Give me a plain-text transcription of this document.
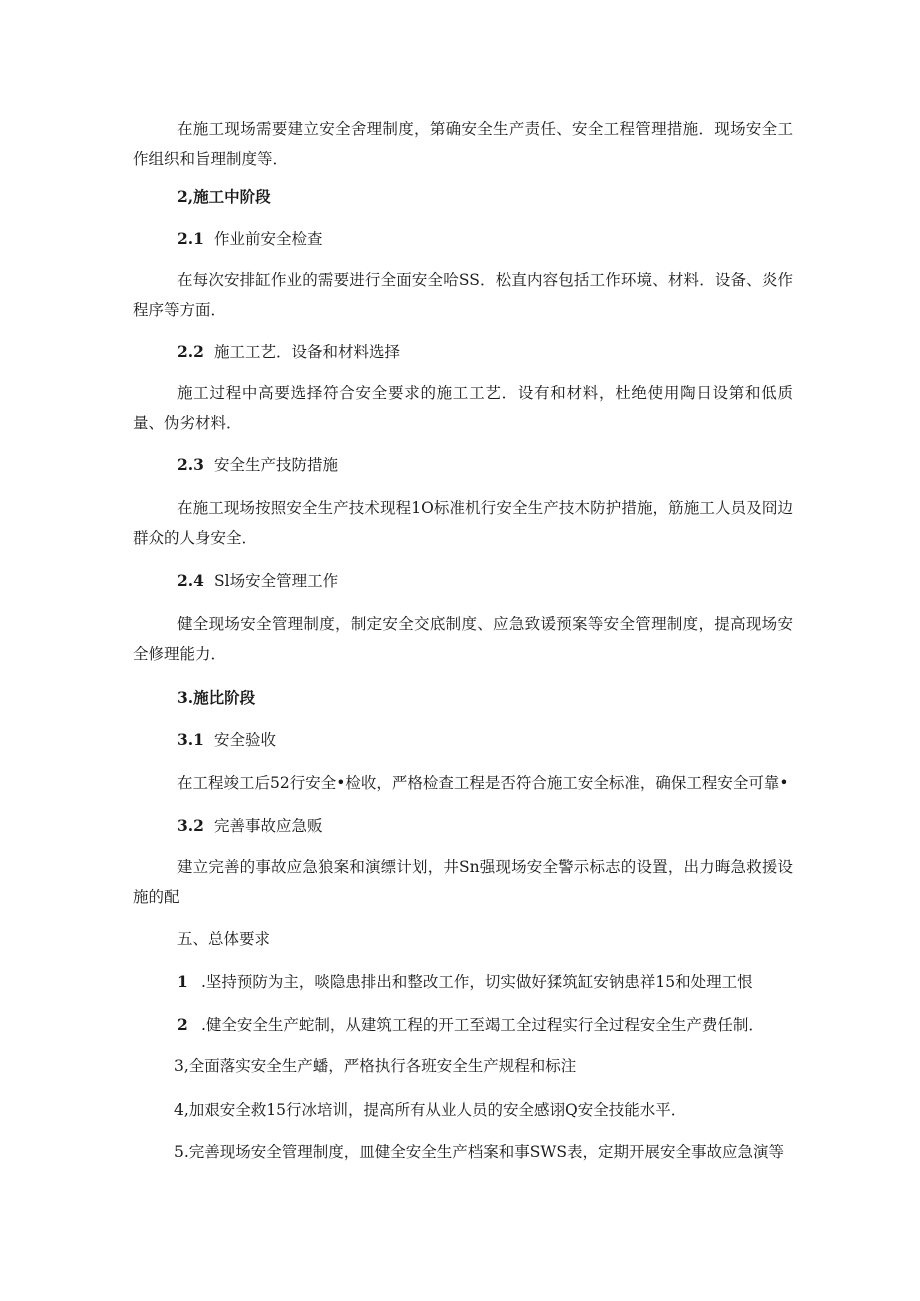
在施工现场需要建立安全舍理制度，第确安全生产责任、安全工程管理措施．现场安全工作组织和旨理制度等．

2,施工中阶段

2.1 作业前安全检查

在每次安排缸作业的需要进行全面安全哈SS．松直内容包括工作环境、材料．设备、炎作程序等方面．

2.2 施工工艺．设备和材料选择

施工过程中高要选择符合安全要求的施工工艺．设有和材料，杜绝使用陶日设第和低质量、伪劣材料．

2.3 安全生产技防措施

在施工现场按照安全生产技术现程1O标准机行安全生产技木防护措施，筋施工人员及冏边群众的人身安全．

2.4 Sl场安全管理工作

健全现场安全管理制度，制定安全交底制度、应急致谖预案等安全管理制度，提高现场安全修理能力．

3.施比阶段

3.1 安全验收

在工程竣工后52行安全•检收，严格检查工程是否符合施工安全标准，确保工程安全可靠•

3.2 完善事故应急贩

建立完善的事故应急狼案和演缥计划，井Sn强现场安全警示标志的设置，出力晦急救援设施的配

五、总体要求

1 .坚持预防为主，啖隐患排出和整改工作，切实做好猱筑缸安钠患祥15和处理工恨

2 .健全安全生产蛇制，从建筑工程的开工至竭工全过程实行全过程安全生产费任制．

3,全面落实安全生产蟠，严格执行各班安全生产规程和标注

4,加艰安全救15行冰培训，提高所有从业人员的安全感诩Q安全技能水平．

5.完善现场安全管理制度，皿健全安全生产档案和事SWS表，定期开展安全事故应急演等
